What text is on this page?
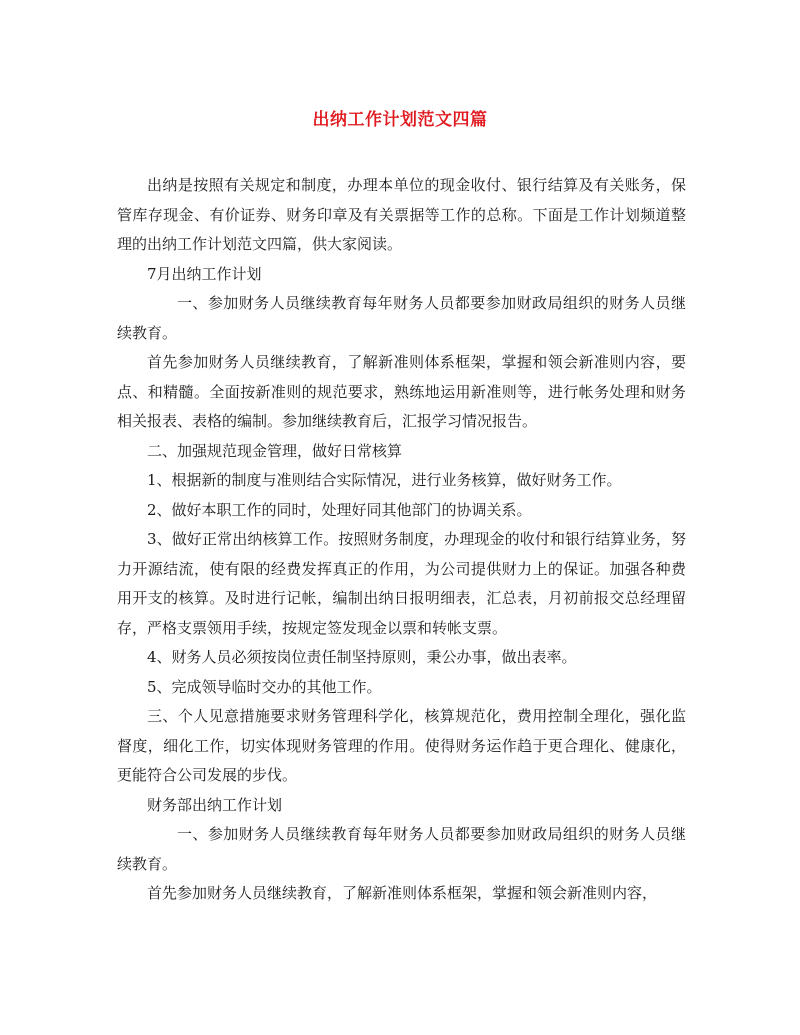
出纳工作计划范文四篇

出纳是按照有关规定和制度，办理本单位的现金收付、银行结算及有关账务，保管库存现金、有价证券、财务印章及有关票据等工作的总称。下面是工作计划频道整理的出纳工作计划范文四篇，供大家阅读。

7月出纳工作计划

一、参加财务人员继续教育每年财务人员都要参加财政局组织的财务人员继续教育。

首先参加财务人员继续教育，了解新准则体系框架，掌握和领会新准则内容，要点、和精髓。全面按新准则的规范要求，熟练地运用新准则等，进行帐务处理和财务相关报表、表格的编制。参加继续教育后，汇报学习情况报告。

二、加强规范现金管理，做好日常核算

1、根据新的制度与准则结合实际情况，进行业务核算，做好财务工作。

2、做好本职工作的同时，处理好同其他部门的协调关系。

3、做好正常出纳核算工作。按照财务制度，办理现金的收付和银行结算业务，努力开源结流，使有限的经费发挥真正的作用，为公司提供财力上的保证。加强各种费用开支的核算。及时进行记帐，编制出纳日报明细表，汇总表，月初前报交总经理留存，严格支票领用手续，按规定签发现金以票和转帐支票。

4、财务人员必须按岗位责任制坚持原则，秉公办事，做出表率。

5、完成领导临时交办的其他工作。

三、个人见意措施要求财务管理科学化，核算规范化，费用控制全理化，强化监督度，细化工作，切实体现财务管理的作用。使得财务运作趋于更合理化、健康化，更能符合公司发展的步伐。

财务部出纳工作计划

一、参加财务人员继续教育每年财务人员都要参加财政局组织的财务人员继续教育。

首先参加财务人员继续教育，了解新准则体系框架，掌握和领会新准则内容，
